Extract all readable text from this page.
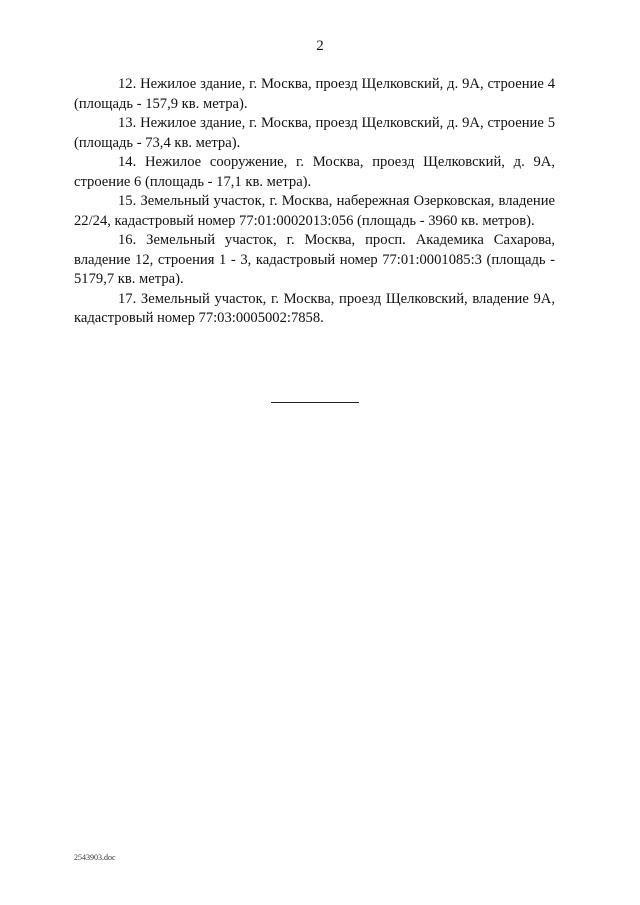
2

12. Нежилое здание, г. Москва, проезд Щелковский, д. 9А, строение 4 (площадь - 157,9 кв. метра).

13. Нежилое здание, г. Москва, проезд Щелковский, д. 9А, строение 5 (площадь - 73,4 кв. метра).

14. Нежилое сооружение, г. Москва, проезд Щелковский, д. 9А, строение 6 (площадь - 17,1 кв. метра).

15. Земельный участок, г. Москва, набережная Озерковская, владение 22/24, кадастровый номер 77:01:0002013:056 (площадь - 3960 кв. метров).

16. Земельный участок, г. Москва, просп. Академика Сахарова, владение 12, строения 1 - 3, кадастровый номер 77:01:0001085:3 (площадь - 5179,7 кв. метра).

17. Земельный участок, г. Москва, проезд Щелковский, владение 9А, кадастровый номер 77:03:0005002:7858.

2543903.doc
